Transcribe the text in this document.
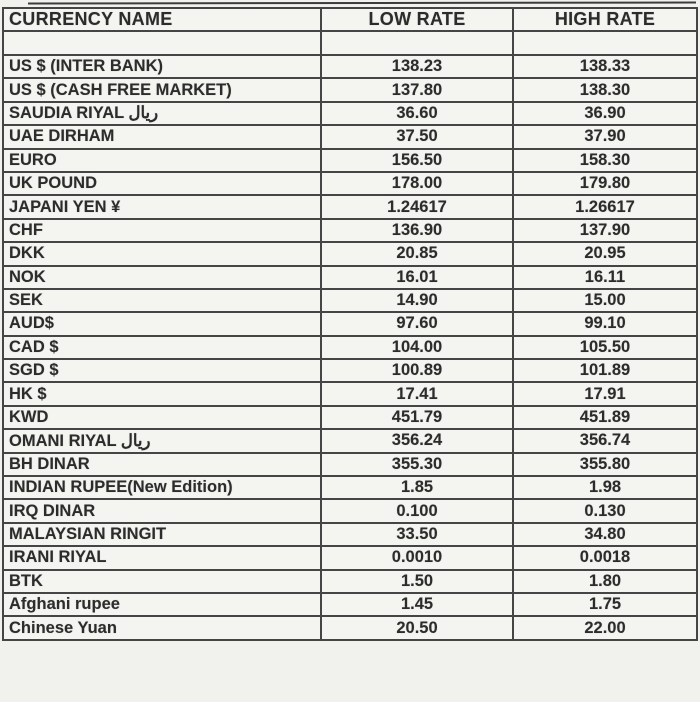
CURRENCY NAME	LOW RATE	HIGH RATE

US $ (INTER BANK)	138.23	138.33
US $ (CASH FREE MARKET)	137.80	138.30
SAUDIA RIYAL ريال	36.60	36.90
UAE DIRHAM	37.50	37.90
EURO	156.50	158.30
UK POUND	178.00	179.80
JAPANI YEN ¥	1.24617	1.26617
CHF	136.90	137.90
DKK	20.85	20.95
NOK	16.01	16.11
SEK	14.90	15.00
AUD$	97.60	99.10
CAD $	104.00	105.50
SGD $	100.89	101.89
HK $	17.41	17.91
KWD	451.79	451.89
OMANI RIYAL ريال	356.24	356.74
BH DINAR	355.30	355.80
INDIAN RUPEE(New Edition)	1.85	1.98
IRQ DINAR	0.100	0.130
MALAYSIAN RINGIT	33.50	34.80
IRANI RIYAL	0.0010	0.0018
BTK	1.50	1.80
Afghani rupee	1.45	1.75
Chinese Yuan	20.50	22.00
